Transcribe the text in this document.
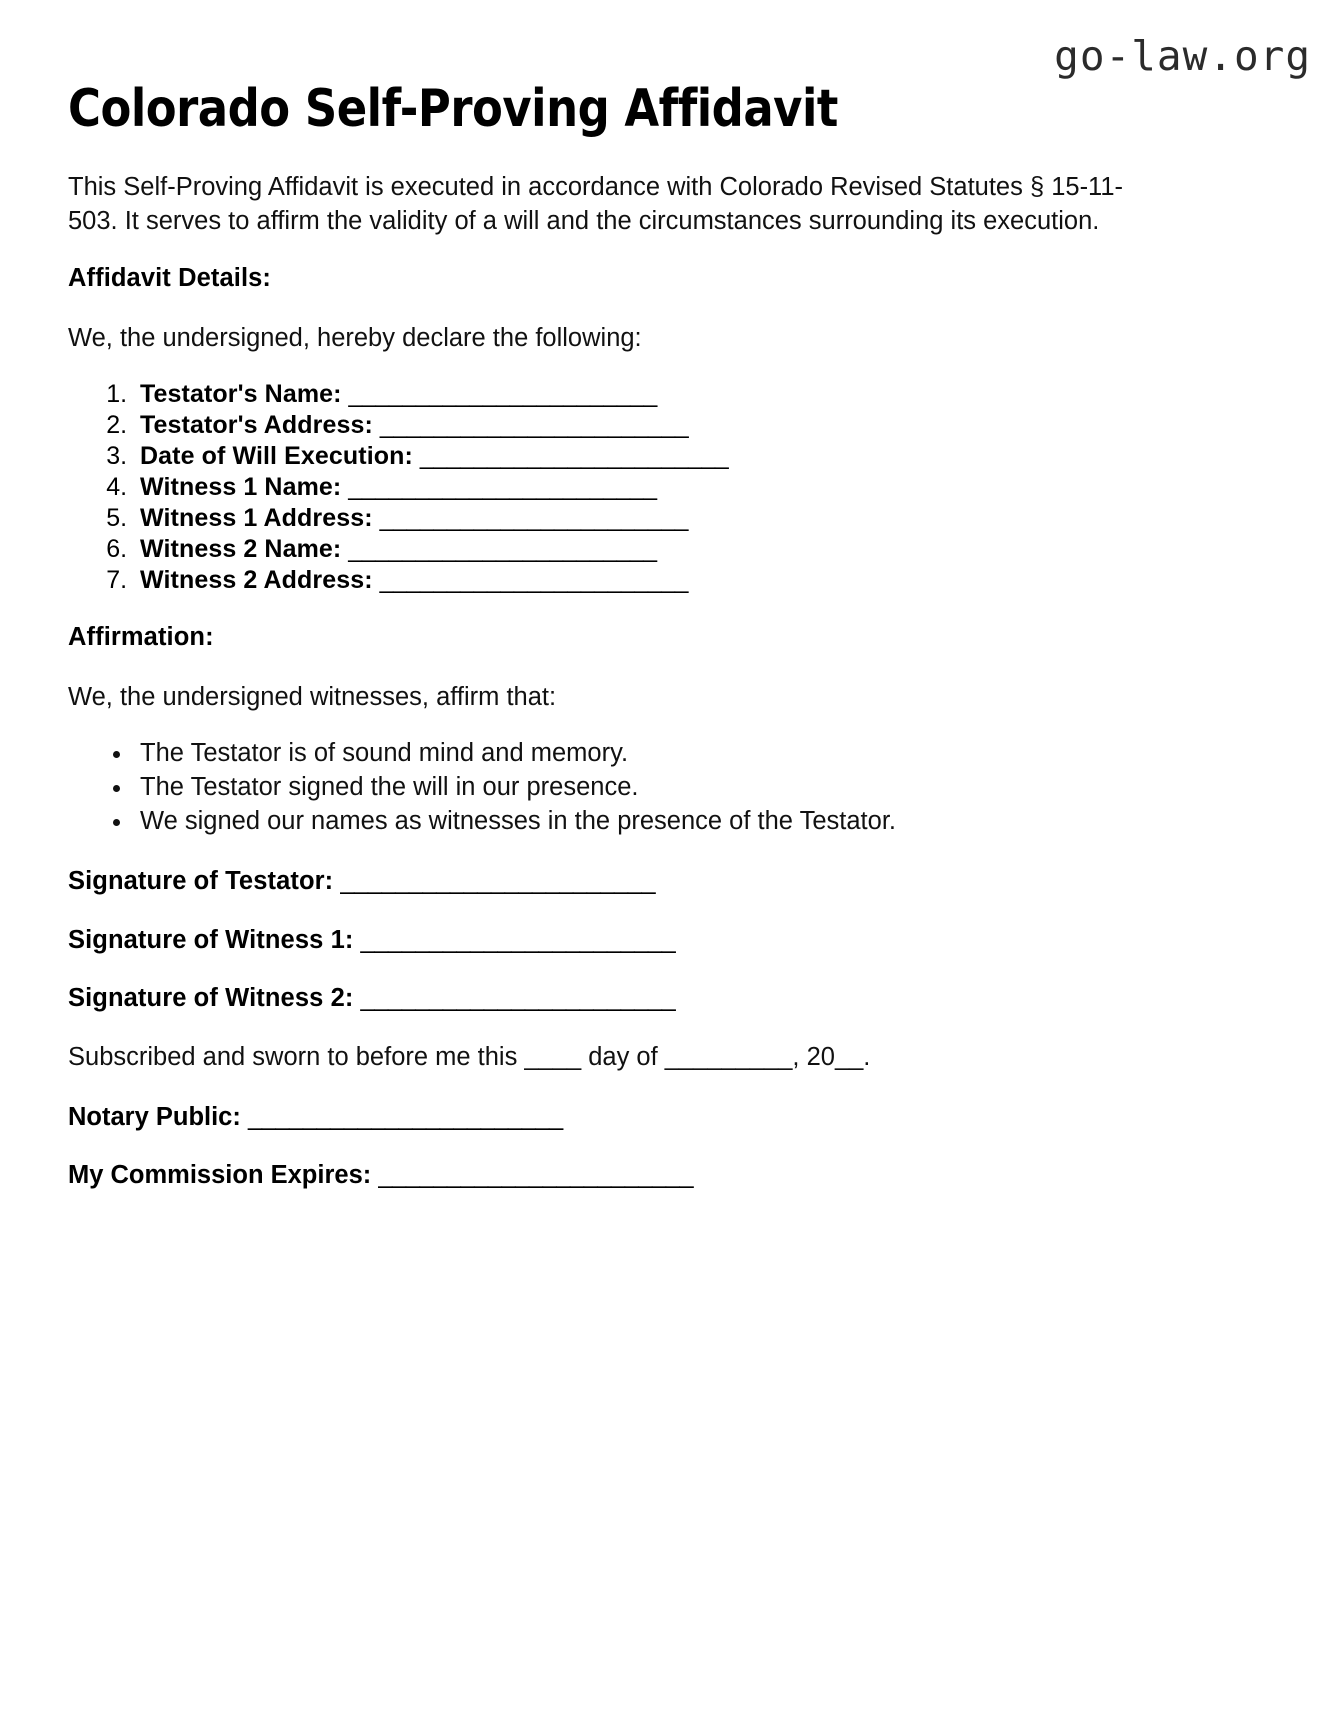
go-law.org
Colorado Self-Proving Affidavit

This Self-Proving Affidavit is executed in accordance with Colorado Revised Statutes § 15-11-503. It serves to affirm the validity of a will and the circumstances surrounding its execution.

Affidavit Details:

We, the undersigned, hereby declare the following:

1. Testator's Name: _______________________
2. Testator's Address: _______________________
3. Date of Will Execution: _______________________
4. Witness 1 Name: _______________________
5. Witness 1 Address: _______________________
6. Witness 2 Name: _______________________
7. Witness 2 Address: _______________________
Affirmation:

We, the undersigned witnesses, affirm that:

• The Testator is of sound mind and memory.
• The Testator signed the will in our presence.
• We signed our names as witnesses in the presence of the Testator.
Signature of Testator: _______________________
Signature of Witness 1: _______________________
Signature of Witness 2: _______________________
Subscribed and sworn to before me this ____ day of _________, 20__.
Notary Public: _______________________
My Commission Expires: _______________________
